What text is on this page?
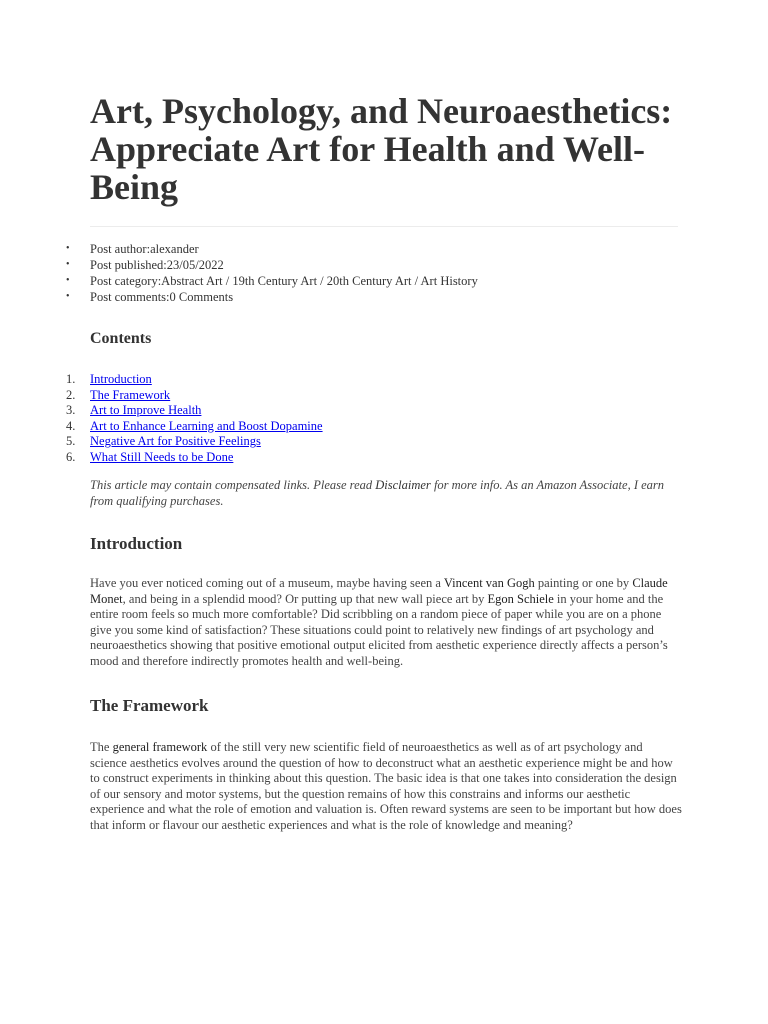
Art, Psychology, and Neuroaesthetics: Appreciate Art for Health and Well-Being
• Post author:alexander
• Post published:23/05/2022
• Post category:Abstract Art / 19th Century Art / 20th Century Art / Art History
• Post comments:0 Comments
Contents
1. Introduction
2. The Framework
3. Art to Improve Health
4. Art to Enhance Learning and Boost Dopamine
5. Negative Art for Positive Feelings
6. What Still Needs to be Done

This article may contain compensated links. Please read Disclaimer for more info. As an Amazon Associate, I earn from qualifying purchases.

Introduction

Have you ever noticed coming out of a museum, maybe having seen a Vincent van Gogh painting or one by Claude Monet, and being in a splendid mood? Or putting up that new wall piece art by Egon Schiele in your home and the entire room feels so much more comfortable? Did scribbling on a random piece of paper while you are on a phone give you some kind of satisfaction? These situations could point to relatively new findings of art psychology and neuroaesthetics showing that positive emotional output elicited from aesthetic experience directly affects a person’s mood and therefore indirectly promotes health and well-being.

The Framework

The general framework of the still very new scientific field of neuroaesthetics as well as of art psychology and science aesthetics evolves around the question of how to deconstruct what an aesthetic experience might be and how to construct experiments in thinking about this question. The basic idea is that one takes into consideration the design of our sensory and motor systems, but the question remains of how this constrains and informs our aesthetic experience and what the role of emotion and valuation is. Often reward systems are seen to be important but how does that inform or flavour our aesthetic experiences and what is the role of knowledge and meaning?
